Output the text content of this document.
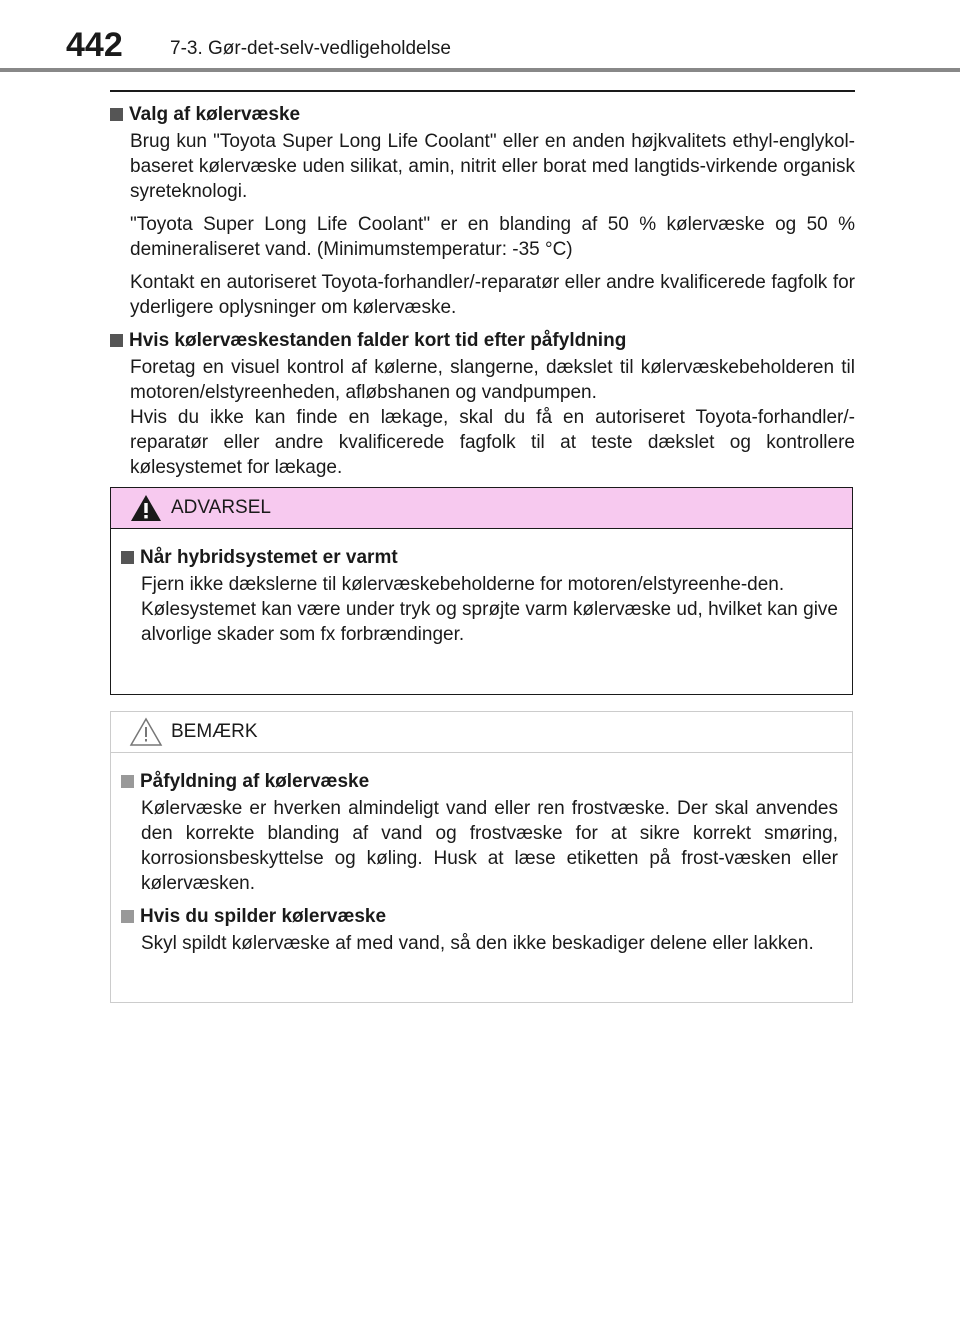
442 7-3. Gør-det-selv-vedligeholdelse
Valg af kølervæske

Brug kun "Toyota Super Long Life Coolant" eller en anden højkvalitets ethyl-englykol-baseret kølervæske uden silikat, amin, nitrit eller borat med langtids-virkende organisk syreteknologi.

"Toyota Super Long Life Coolant" er en blanding af 50 % kølervæske og 50 % demineraliseret vand. (Minimumstemperatur: -35 °C)

Kontakt en autoriseret Toyota-forhandler/-reparatør eller andre kvalificerede fagfolk for yderligere oplysninger om kølervæske.

Hvis kølervæskestanden falder kort tid efter påfyldning

Foretag en visuel kontrol af kølerne, slangerne, dækslet til kølervæskebeholderen til motoren/elstyreenheden, afløbshanen og vandpumpen.

Hvis du ikke kan finde en lækage, skal du få en autoriseret Toyota-forhandler/-reparatør eller andre kvalificerede fagfolk til at teste dækslet og kontrollere kølesystemet for lækage.

ADVARSEL
Når hybridsystemet er varmt

Fjern ikke dækslerne til kølervæskebeholderne for motoren/elstyreenhe-den.

Kølesystemet kan være under tryk og sprøjte varm kølervæske ud, hvilket kan give alvorlige skader som fx forbrændinger.

BEMÆRK
Påfyldning af kølervæske

Kølervæske er hverken almindeligt vand eller ren frostvæske. Der skal anvendes den korrekte blanding af vand og frostvæske for at sikre korrekt smøring, korrosionsbeskyttelse og køling. Husk at læse etiketten på frost-væsken eller kølervæsken.

Hvis du spilder kølervæske

Skyl spildt kølervæske af med vand, så den ikke beskadiger delene eller lakken.
